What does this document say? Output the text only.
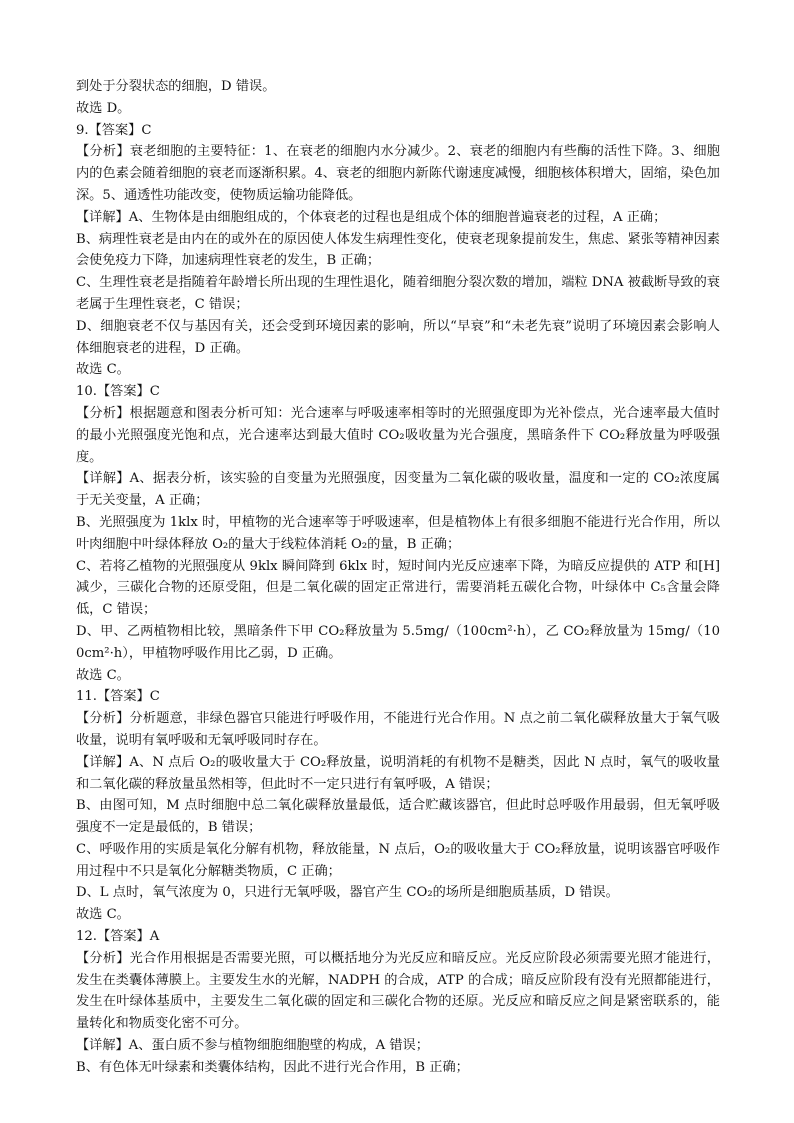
到处于分裂状态的细胞，D 错误。

故选 D。

9.【答案】C

【分析】衰老细胞的主要特征：1、在衰老的细胞内水分减少。2、衰老的细胞内有些酶的活性下降。3、细胞内的色素会随着细胞的衰老而逐渐积累。4、衰老的细胞内新陈代谢速度减慢，细胞核体积增大，固缩，染色加深。5、通透性功能改变，使物质运输功能降低。

【详解】A、生物体是由细胞组成的，个体衰老的过程也是组成个体的细胞普遍衰老的过程，A 正确；

B、病理性衰老是由内在的或外在的原因使人体发生病理性变化，使衰老现象提前发生，焦虑、紧张等精神因素会使免疫力下降，加速病理性衰老的发生，B 正确；

C、生理性衰老是指随着年龄增长所出现的生理性退化，随着细胞分裂次数的增加，端粒 DNA 被截断导致的衰老属于生理性衰老，C 错误；

D、细胞衰老不仅与基因有关，还会受到环境因素的影响，所以“早衰”和“未老先衰”说明了环境因素会影响人体细胞衰老的进程，D 正确。

故选 C。

10.【答案】C

【分析】根据题意和图表分析可知：光合速率与呼吸速率相等时的光照强度即为光补偿点，光合速率最大值时的最小光照强度光饱和点，光合速率达到最大值时 CO₂吸收量为光合强度，黑暗条件下 CO₂释放量为呼吸强度。

【详解】A、据表分析，该实验的自变量为光照强度，因变量为二氧化碳的吸收量，温度和一定的 CO₂浓度属于无关变量，A 正确；

B、光照强度为 1klx 时，甲植物的光合速率等于呼吸速率，但是植物体上有很多细胞不能进行光合作用，所以叶肉细胞中叶绿体释放 O₂的量大于线粒体消耗 O₂的量，B 正确；

C、若将乙植物的光照强度从 9klx 瞬间降到 6klx 时，短时间内光反应速率下降，为暗反应提供的 ATP 和[H]减少，三碳化合物的还原受阻，但是二氧化碳的固定正常进行，需要消耗五碳化合物，叶绿体中 C₅含量会降低，C 错误；

D、甲、乙两植物相比较，黑暗条件下甲 CO₂释放量为 5.5mg/（100cm²·h），乙 CO₂释放量为 15mg/（100cm²·h），甲植物呼吸作用比乙弱，D 正确。

故选 C。

11.【答案】C

【分析】分析题意，非绿色器官只能进行呼吸作用，不能进行光合作用。N 点之前二氧化碳释放量大于氧气吸收量，说明有氧呼吸和无氧呼吸同时存在。

【详解】A、N 点后 O₂的吸收量大于 CO₂释放量，说明消耗的有机物不是糖类，因此 N 点时，氧气的吸收量和二氧化碳的释放量虽然相等，但此时不一定只进行有氧呼吸，A 错误；

B、由图可知，M 点时细胞中总二氧化碳释放量最低，适合贮藏该器官，但此时总呼吸作用最弱，但无氧呼吸强度不一定是最低的，B 错误；

C、呼吸作用的实质是氧化分解有机物，释放能量，N 点后，O₂的吸收量大于 CO₂释放量，说明该器官呼吸作用过程中不只是氧化分解糖类物质，C 正确；

D、L 点时，氧气浓度为 0，只进行无氧呼吸，器官产生 CO₂的场所是细胞质基质，D 错误。

故选 C。

12.【答案】A

【分析】光合作用根据是否需要光照，可以概括地分为光反应和暗反应。光反应阶段必须需要光照才能进行，发生在类囊体薄膜上。主要发生水的光解，NADPH 的合成，ATP 的合成；暗反应阶段有没有光照都能进行，发生在叶绿体基质中，主要发生二氧化碳的固定和三碳化合物的还原。光反应和暗反应之间是紧密联系的，能量转化和物质变化密不可分。

【详解】A、蛋白质不参与植物细胞细胞壁的构成，A 错误；

B、有色体无叶绿素和类囊体结构，因此不进行光合作用，B 正确；
